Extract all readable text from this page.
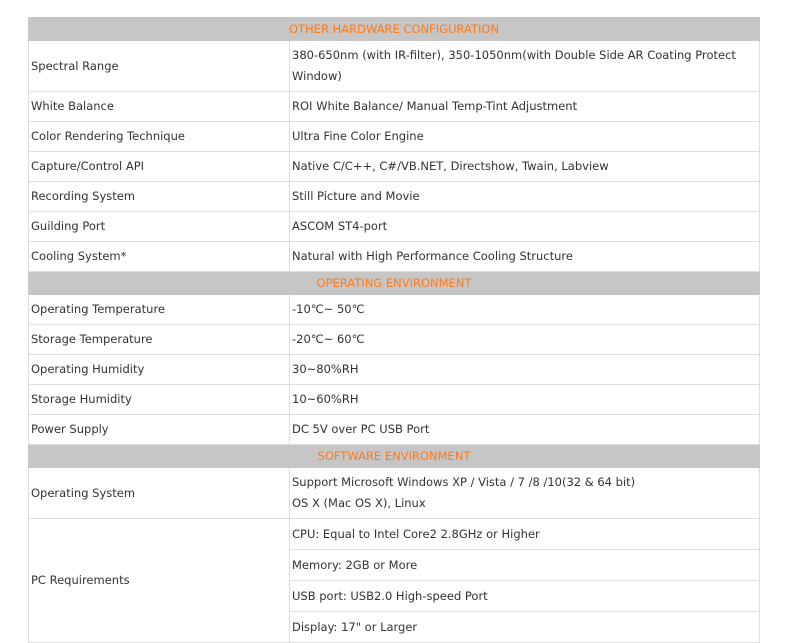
OTHER HARDWARE CONFIGURATION	
Spectral Range	380-650nm (with IR-filter), 350-1050nm(with Double Side AR Coating Protect Window)
White Balance	ROI White Balance/ Manual Temp-Tint Adjustment
Color Rendering Technique	Ultra Fine Color Engine
Capture/Control API	Native C/C++, C#/VB.NET, Directshow, Twain, Labview
Recording System	Still Picture and Movie
Guilding Port	ASCOM ST4-port
Cooling System*	Natural with High Performance Cooling Structure
OPERATING ENVIRONMENT	
Operating Temperature	-10℃~ 50℃
Storage Temperature	-20℃~ 60℃
Operating Humidity	30~80%RH
Storage Humidity	10~60%RH
Power Supply	DC 5V over PC USB Port
SOFTWARE ENVIRONMENT	
Operating System	Support Microsoft Windows XP / Vista / 7 /8 /10(32 & 64 bit)
OS X (Mac OS X), Linux

PC Requirements	CPU: Equal to Intel Core2 2.8GHz or Higher
Memory: 2GB or More
USB port: USB2.0 High-speed Port
Display: 17" or Larger
